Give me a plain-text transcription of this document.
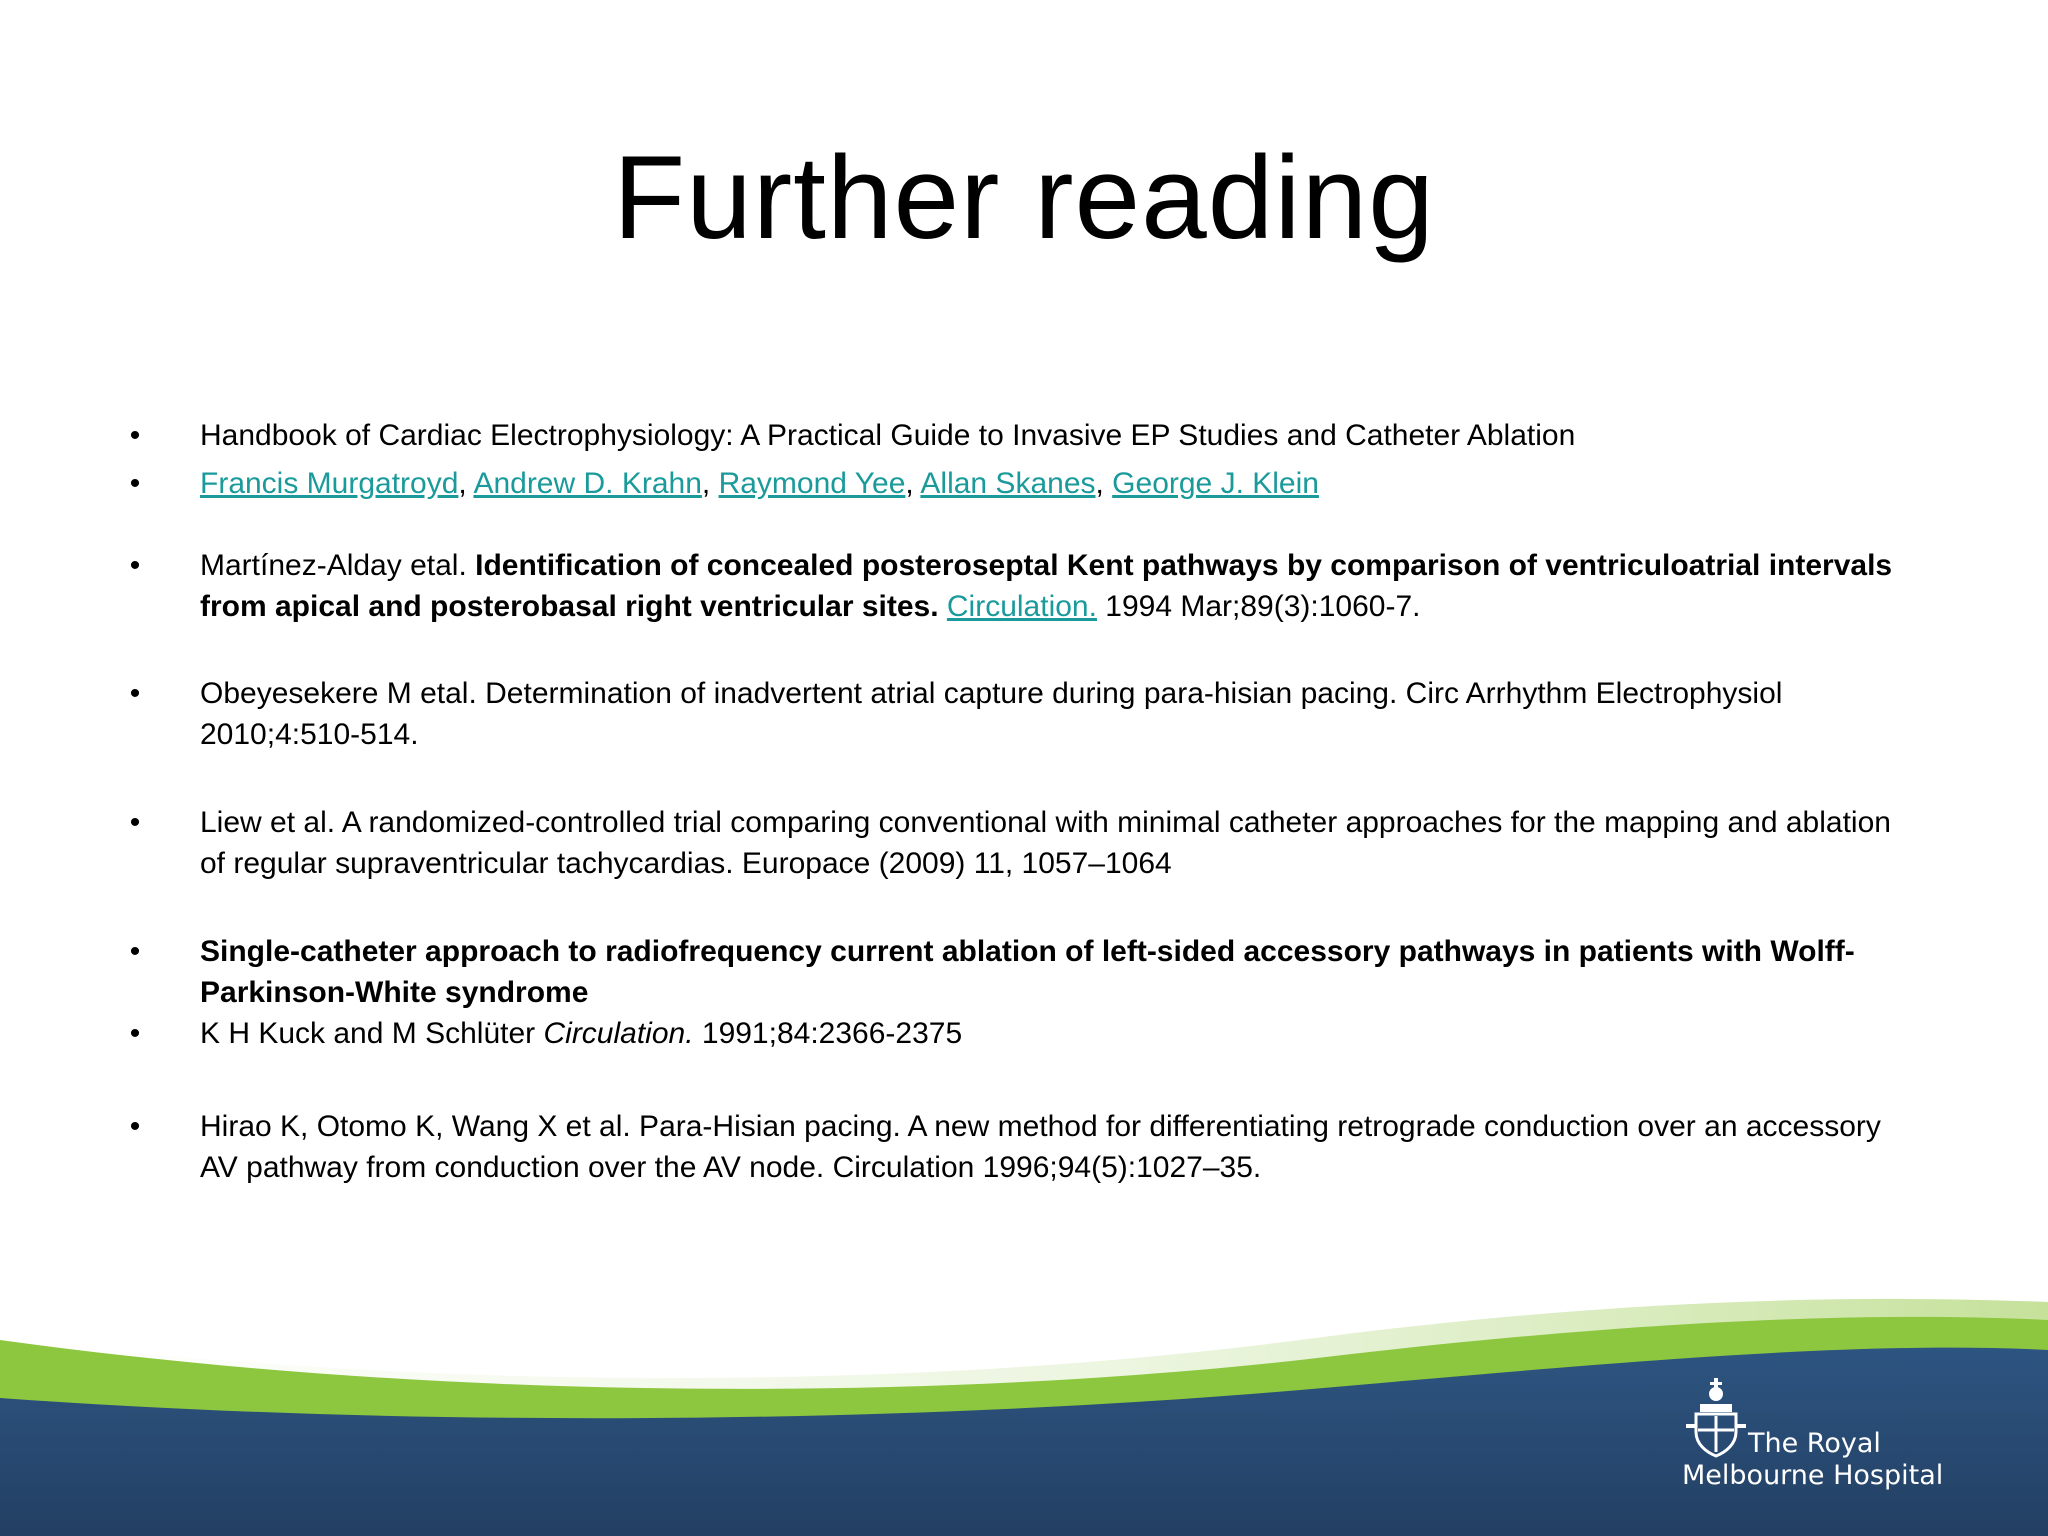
Further reading
•	Handbook of Cardiac Electrophysiology: A Practical Guide to Invasive EP Studies and Catheter Ablation
•	Francis Murgatroyd, Andrew D. Krahn, Raymond Yee, Allan Skanes, George J. Klein
•	Martínez-Alday etal. Identification of concealed posteroseptal Kent pathways by comparison of ventriculoatrial intervals from apical and posterobasal right ventricular sites. Circulation. 1994 Mar;89(3):1060-7.
•	Obeyesekere M etal. Determination of inadvertent atrial capture during para-hisian pacing. Circ Arrhythm Electrophysiol 2010;4:510-514.
•	Liew et al. A randomized-controlled trial comparing conventional with minimal catheter approaches for the mapping and ablation of regular supraventricular tachycardias. Europace (2009) 11, 1057–1064
•	Single-catheter approach to radiofrequency current ablation of left-sided accessory pathways in patients with Wolff-Parkinson-White syndrome
•	K H Kuck and M Schlüter Circulation. 1991;84:2366-2375
•	Hirao K, Otomo K, Wang X et al. Para-Hisian pacing. A new method for differentiating retrograde conduction over an accessory AV pathway from conduction over the AV node. Circulation 1996;94(5):1027–35.
The Royal
Melbourne Hospital
